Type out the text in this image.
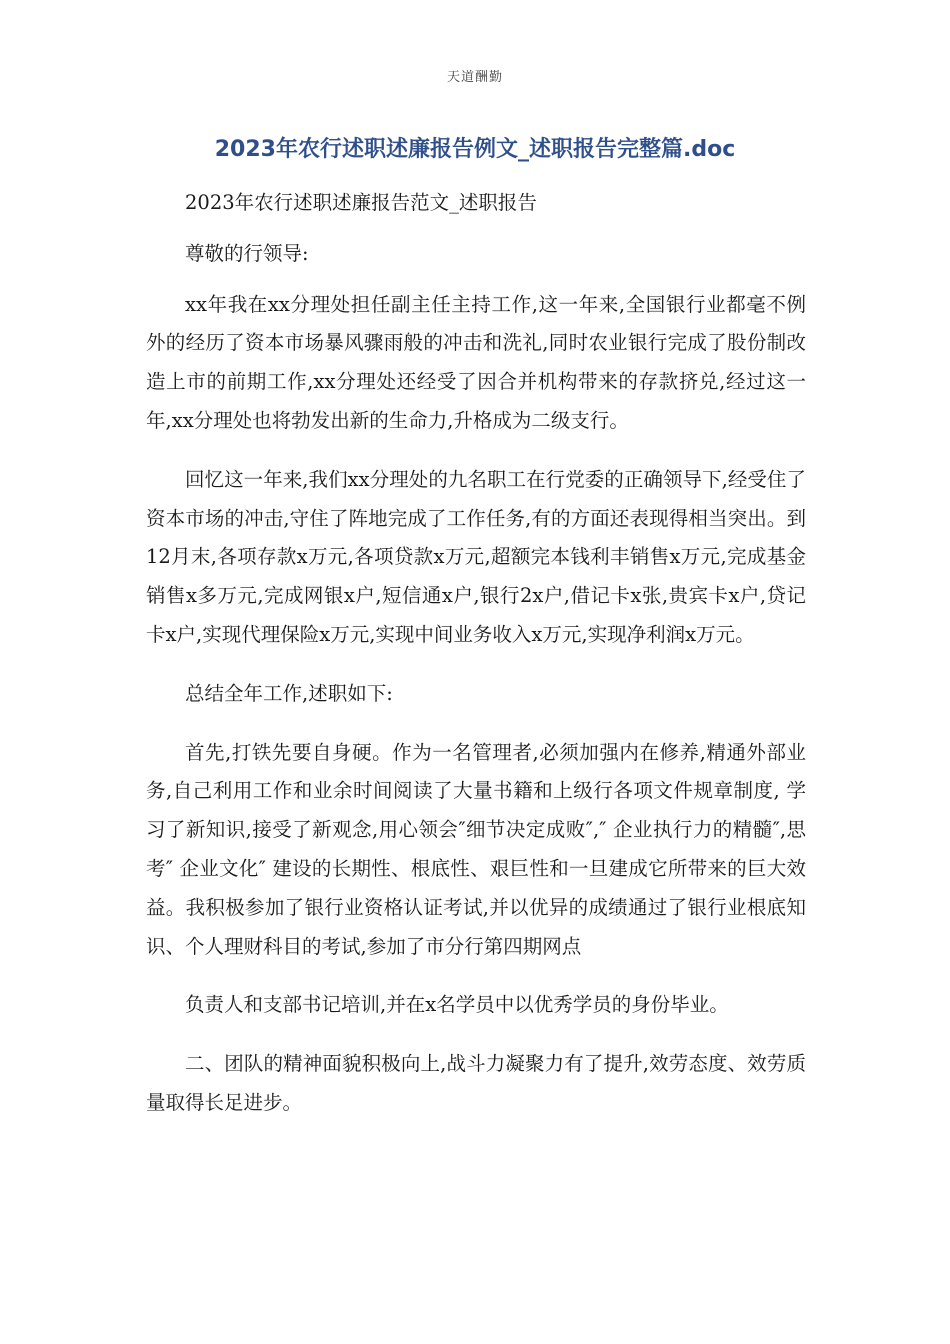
天道酬勤
2023年农行述职述廉报告例文_述职报告完整篇.doc

2023年农行述职述廉报告范文_述职报告

尊敬的行领导:

xx年我在xx分理处担任副主任主持工作,这一年来,全国银行业都毫不例外的经历了资本市场暴风骤雨般的冲击和洗礼,同时农业银行完成了股份制改造上市的前期工作,xx分理处还经受了因合并机构带来的存款挤兑,经过这一年,xx分理处也将勃发出新的生命力,升格成为二级支行。

回忆这一年来,我们xx分理处的九名职工在行党委的正确领导下,经受住了资本市场的冲击,守住了阵地完成了工作任务,有的方面还表现得相当突出。到12月末,各项存款x万元,各项贷款x万元,超额完本钱利丰销售x万元,完成基金销售x多万元,完成网银x户,短信通x户,银行2x户,借记卡x张,贵宾卡x户,贷记卡x户,实现代理保险x万元,实现中间业务收入x万元,实现净利润x万元。

总结全年工作,述职如下:

首先,打铁先要自身硬。作为一名管理者,必须加强内在修养,精通外部业务,自己利用工作和业余时间阅读了大量书籍和上级行各项文件规章制度, 学习了新知识,接受了新观念,用心领会″细节决定成败″,″ 企业执行力的精髓″,思考″ 企业文化″ 建设的长期性、根底性、艰巨性和一旦建成它所带来的巨大效益。我积极参加了银行业资格认证考试,并以优异的成绩通过了银行业根底知识、个人理财科目的考试,参加了市分行第四期网点

负责人和支部书记培训,并在x名学员中以优秀学员的身份毕业。

二、团队的精神面貌积极向上,战斗力凝聚力有了提升,效劳态度、效劳质量取得长足进步。
